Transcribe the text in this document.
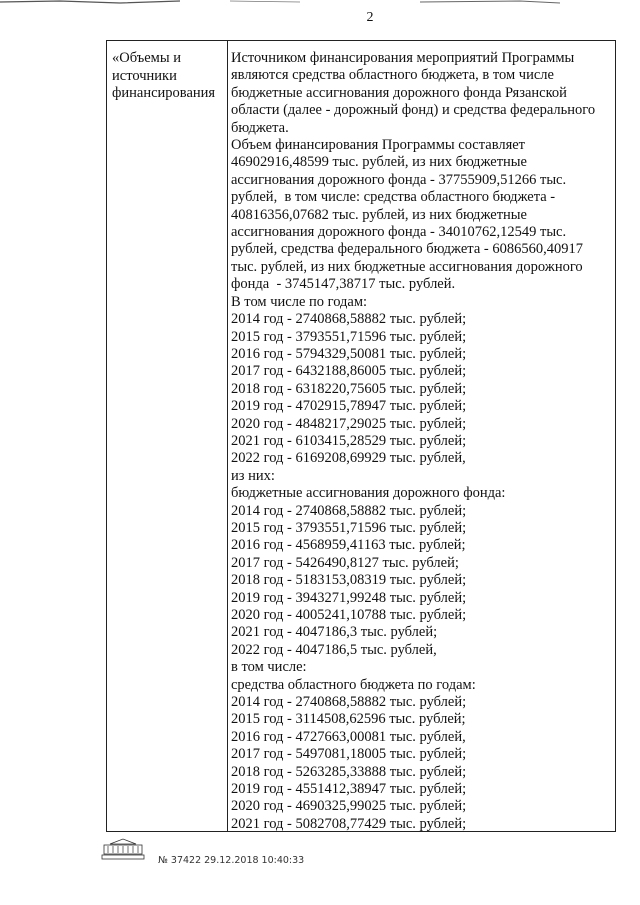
2
«Объемы и
источники
финансирования
Источником финансирования мероприятий Программы
являются средства областного бюджета, в том числе
бюджетные ассигнования дорожного фонда Рязанской
области (далее - дорожный фонд) и средства федерального
бюджета.
Объем финансирования Программы составляет
46902916,48599 тыс. рублей, из них бюджетные
ассигнования дорожного фонда - 37755909,51266 тыс.
рублей,  в том числе: средства областного бюджета -
40816356,07682 тыс. рублей, из них бюджетные
ассигнования дорожного фонда - 34010762,12549 тыс.
рублей, средства федерального бюджета - 6086560,40917
тыс. рублей, из них бюджетные ассигнования дорожного
фонда  - 3745147,38717 тыс. рублей.
В том числе по годам:
2014 год - 2740868,58882 тыс. рублей;
2015 год - 3793551,71596 тыс. рублей;
2016 год - 5794329,50081 тыс. рублей;
2017 год - 6432188,86005 тыс. рублей;
2018 год - 6318220,75605 тыс. рублей;
2019 год - 4702915,78947 тыс. рублей;
2020 год - 4848217,29025 тыс. рублей;
2021 год - 6103415,28529 тыс. рублей;
2022 год - 6169208,69929 тыс. рублей,
из них:
бюджетные ассигнования дорожного фонда:
2014 год - 2740868,58882 тыс. рублей;
2015 год - 3793551,71596 тыс. рублей;
2016 год - 4568959,41163 тыс. рублей;
2017 год - 5426490,8127 тыс. рублей;
2018 год - 5183153,08319 тыс. рублей;
2019 год - 3943271,99248 тыс. рублей;
2020 год - 4005241,10788 тыс. рублей;
2021 год - 4047186,3 тыс. рублей;
2022 год - 4047186,5 тыс. рублей,
в том числе:
средства областного бюджета по годам:
2014 год - 2740868,58882 тыс. рублей;
2015 год - 3114508,62596 тыс. рублей;
2016 год - 4727663,00081 тыс. рублей,
2017 год - 5497081,18005 тыс. рублей;
2018 год - 5263285,33888 тыс. рублей;
2019 год - 4551412,38947 тыс. рублей;
2020 год - 4690325,99025 тыс. рублей;
2021 год - 5082708,77429 тыс. рублей;
№ 37422 29.12.2018 10:40:33
